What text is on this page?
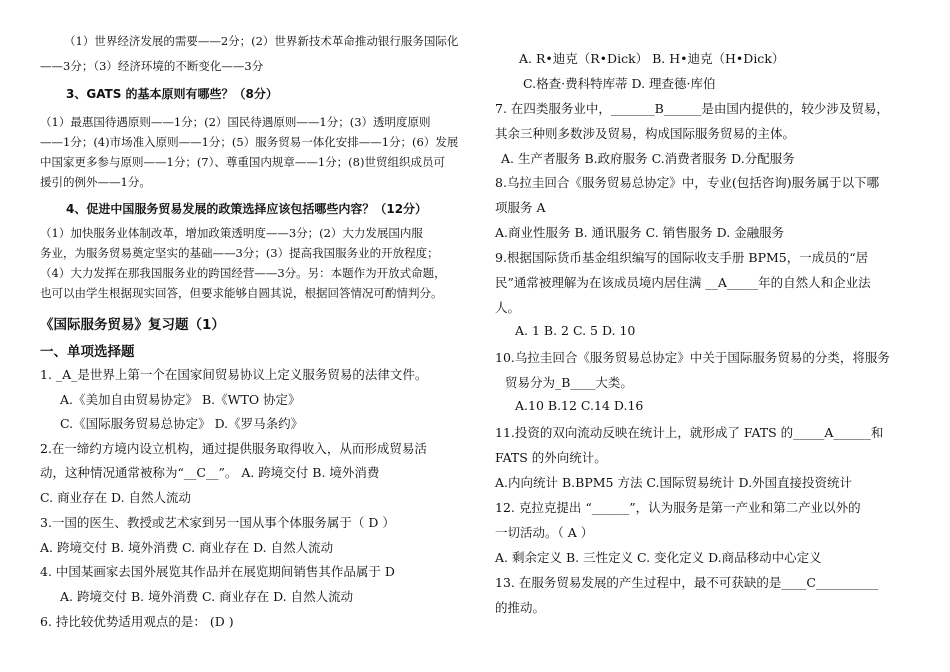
（1）世界经济发展的需要——2分；(2）世界新技术革命推动银行服务国际化
——3分；（3）经济环境的不断变化——3分
3、GATS 的基本原则有哪些？（8分）
（1）最惠国待遇原则——1分；(2）国民待遇原则——1分；(3）透明度原则
——1分；(4)市场准入原则——1分；(5）服务贸易一体化安排——1分；(6）发展
中国家更多参与原则——1分；(7）、尊重国内规章——1分；(8)世贸组织成员可
援引的例外——1分。
4、促进中国服务贸易发展的政策选择应该包括哪些内容？（12分）
（1）加快服务业体制改革，增加政策透明度——3分；(2）大力发展国内服
务业，为服务贸易奠定坚实的基础——3分；(3）提高我国服务业的开放程度；
（4）大力发挥在那我国服务业的跨国经营——3分。另：本题作为开放式命题，
也可以由学生根据现实回答，但要求能够自圆其说，根据回答情况可酌情判分。
《国际服务贸易》复习题（1）
一、单项选择题
1. _A_是世界上第一个在国家间贸易协议上定义服务贸易的法律文件。
A.《美加自由贸易协定》 B.《WTO 协定》
C.《国际服务贸易总协定》 D.《罗马条约》
2.在一缔约方境内设立机构，通过提供服务取得收入，从而形成贸易活
动，这种情况通常被称为“__C__”。 A. 跨境交付 B. 境外消费
C. 商业存在 D. 自然人流动
3.一国的医生、教授或艺术家到另一国从事个体服务属于（ D ）
A. 跨境交付 B. 境外消费 C. 商业存在 D. 自然人流动
4. 中国某画家去国外展览其作品并在展览期间销售其作品属于 D
A. 跨境交付 B. 境外消费 C. 商业存在 D. 自然人流动
6. 持比较优势适用观点的是： (D )
A. R•迪克（R•Dick） B. H•迪克（H•Dick）
C.格查·费科特库蒂 D. 理查德·库伯
7. 在四类服务业中，_______B______是由国内提供的，较少涉及贸易，
其余三种则多数涉及贸易，构成国际服务贸易的主体。
A. 生产者服务 B.政府服务 C.消费者服务 D.分配服务
8.乌拉圭回合《服务贸易总协定》中，专业(包括咨询)服务属于以下哪
项服务 A
A.商业性服务 B. 通讯服务 C. 销售服务 D. 金融服务
9.根据国际货币基金组织编写的国际收支手册 BPM5，一成员的“居
民”通常被理解为在该成员境内居住满 __A_____年的自然人和企业法
人。
A. 1 B. 2 C. 5 D. 10
10.乌拉圭回合《服务贸易总协定》中关于国际服务贸易的分类，将服务
贸易分为_B____大类。
A.10 B.12 C.14 D.16
11.投资的双向流动反映在统计上，就形成了 FATS 的_____A______和
FATS 的外向统计。
A.内向统计 B.BPM5 方法 C.国际贸易统计 D.外国直接投资统计
12. 克拉克提出 “______”，认为服务是第一产业和第二产业以外的
一切活动。（ A ）
A. 剩余定义 B. 三性定义 C. 变化定义 D.商品移动中心定义
13. 在服务贸易发展的产生过程中，最不可获缺的是____C__________
的推动。
